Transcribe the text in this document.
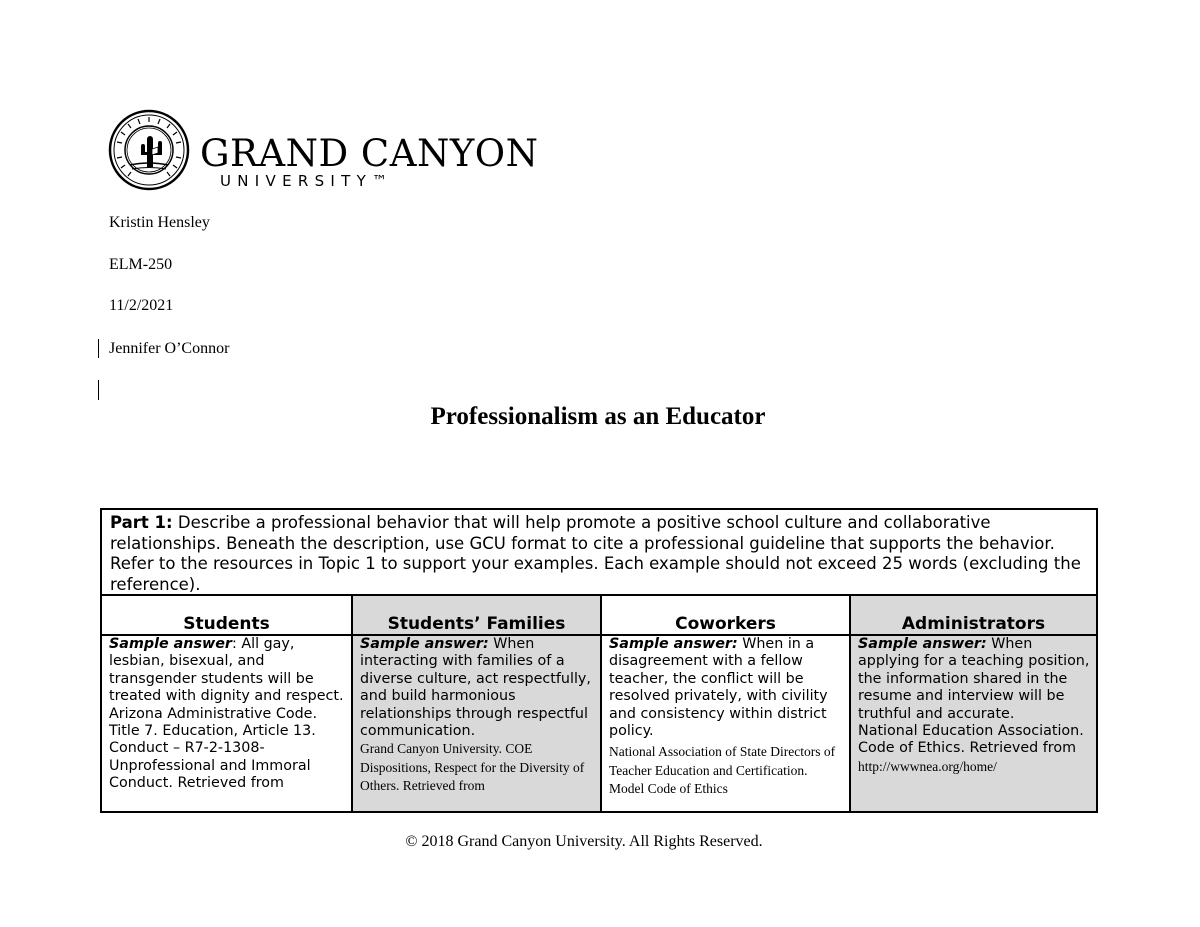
GRAND CANYON
UNIVERSITY™
Kristin Hensley
ELM-250
11/2/2021
Jennifer O’Connor
Professionalism as an Educator
Part 1: Describe a professional behavior that will help promote a positive school culture and collaborative relationships. Beneath the description, use GCU format to cite a professional guideline that supports the behavior. Refer to the resources in Topic 1 to support your examples. Each example should not exceed 25 words (excluding the reference).
Students
Sample answer: All gay, lesbian, bisexual, and transgender students will be treated with dignity and respect.
Arizona Administrative Code. Title 7. Education, Article 13. Conduct – R7-2-1308- Unprofessional and Immoral Conduct. Retrieved from
Students’ Families
Sample answer: When interacting with families of a diverse culture, act respectfully, and build harmonious relationships through respectful communication.
Grand Canyon University. COE Dispositions, Respect for the Diversity of Others. Retrieved from
Coworkers
Sample answer: When in a disagreement with a fellow teacher, the conflict will be resolved privately, with civility and consistency within district policy.
National Association of State Directors of Teacher Education and Certification. Model Code of Ethics
Administrators
Sample answer: When applying for a teaching position, the information shared in the resume and interview will be truthful and accurate.
National Education Association. Code of Ethics. Retrieved from
http://wwwnea.org/home/
© 2018 Grand Canyon University. All Rights Reserved.
